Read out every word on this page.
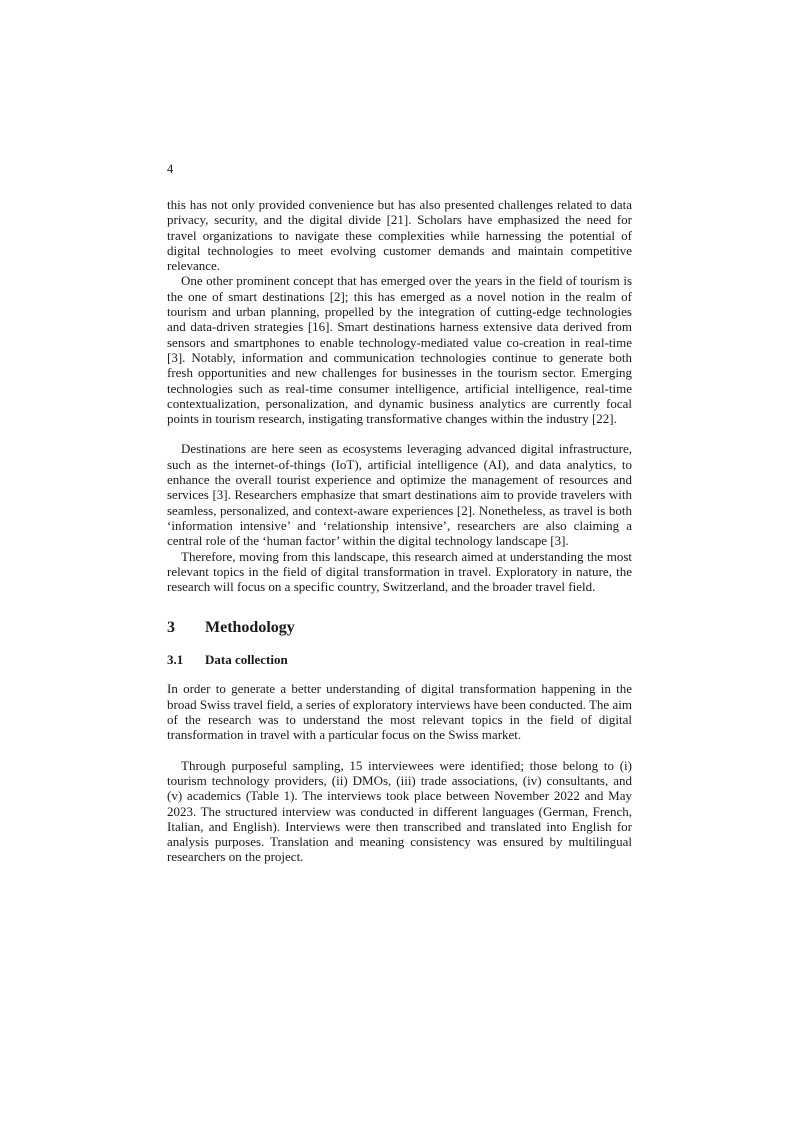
4

this has not only provided convenience but has also presented challenges related to data privacy, security, and the digital divide [21]. Scholars have emphasized the need for travel organizations to navigate these complexities while harnessing the potential of digital technologies to meet evolving customer demands and maintain competitive relevance.

One other prominent concept that has emerged over the years in the field of tourism is the one of smart destinations [2]; this has emerged as a novel notion in the realm of tourism and urban planning, propelled by the integration of cutting-edge technologies and data-driven strategies [16]. Smart destinations harness extensive data derived from sensors and smartphones to enable technology-mediated value co-creation in real-time [3]. Notably, information and communication technologies continue to generate both fresh opportunities and new challenges for businesses in the tourism sector. Emerging technologies such as real-time consumer intelligence, artificial intelligence, real-time contextualization, personalization, and dynamic business analytics are currently focal points in tourism research, instigating transformative changes within the industry [22].

Destinations are here seen as ecosystems leveraging advanced digital infrastructure, such as the internet-of-things (IoT), artificial intelligence (AI), and data analytics, to enhance the overall tourist experience and optimize the management of resources and services [3]. Researchers emphasize that smart destinations aim to provide travelers with seamless, personalized, and context-aware experiences [2]. Nonetheless, as travel is both ‘information intensive’ and ‘relationship intensive’, researchers are also claiming a central role of the ‘human factor’ within the digital technology landscape [3].

Therefore, moving from this landscape, this research aimed at understanding the most relevant topics in the field of digital transformation in travel. Exploratory in nature, the research will focus on a specific country, Switzerland, and the broader travel field.

3 Methodology
3.1 Data collection

In order to generate a better understanding of digital transformation happening in the broad Swiss travel field, a series of exploratory interviews have been conducted. The aim of the research was to understand the most relevant topics in the field of digital transformation in travel with a particular focus on the Swiss market.

Through purposeful sampling, 15 interviewees were identified; those belong to (i) tourism technology providers, (ii) DMOs, (iii) trade associations, (iv) consultants, and (v) academics (Table 1). The interviews took place between November 2022 and May 2023. The structured interview was conducted in different languages (German, French, Italian, and English). Interviews were then transcribed and translated into English for analysis purposes. Translation and meaning consistency was ensured by multilingual researchers on the project.
